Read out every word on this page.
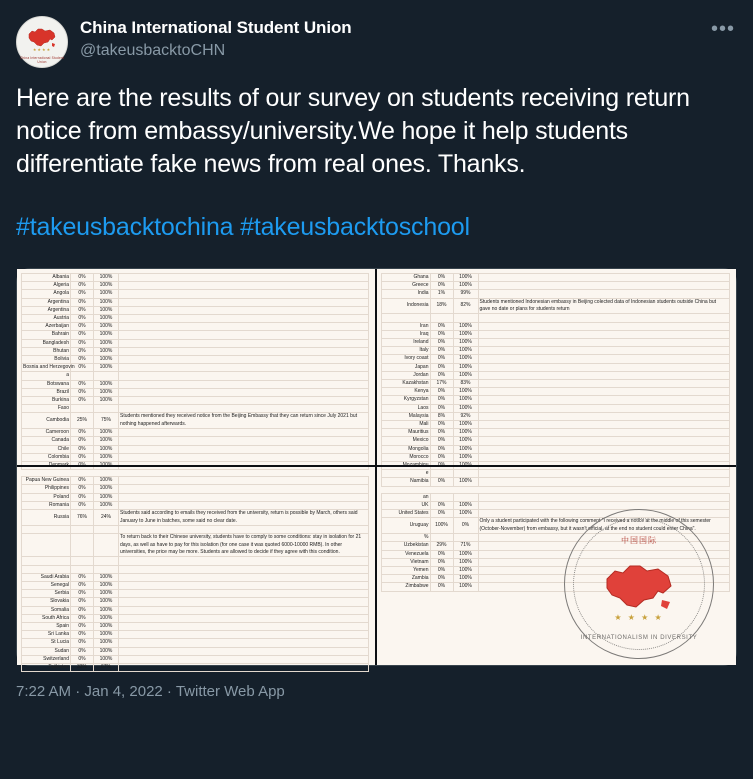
★★★★
China International Student Union
China International Student Union
@takeusbacktoCHN
•••
Here are the results of our survey on students receiving return notice from embassy/university.We hope it help students differentiate fake news from real ones. Thanks.
#takeusbacktochina #takeusbacktoschool
Albania	0%	100%	
Algeria	0%	100%	
Angola	0%	100%	
Argentina	0%	100%	
Argentina	0%	100%	
Austria	0%	100%	
Azerbaijan	0%	100%	
Bahrain	0%	100%	
Bangladesh	0%	100%	
Bhutan	0%	100%	
Bolivia	0%	100%	
Bosnia and Herzegovin	0%	100%	
a			
Botswana	0%	100%	
Brazil	0%	100%	
Burkina	0%	100%	
Faso			
Cambodia	25%	75%	Students mentioned they received notice from the Beijing Embassy that they can return since July 2021 but nothing happened afterwards.

Cameroon	0%	100%	
Canada	0%	100%	
Chile	0%	100%	
Colombia	0%	100%	

Papua New Guinea	0%	100%	
Philippines	0%	100%	
Poland	0%	100%	
Romania	0%	100%	
Russia	76%	24%	Students said according to emails they received from the university, return is possible by March, others said January to June in batches, some said no clear date.

			To return back to their Chinese university, students have to comply to some conditions: stay in isolation for 21 days, as well as have to pay for this isolation (for one case it was quoted 6000-10000 RMB). In other universities, the price may be more. Students are allowed to decide if they agree with this condition.

Saudi Arabia	0%	100%	
Senegal	0%	100%	
Serbia	0%	100%	
Slovakia	0%	100%	
Somalia	0%	100%	
South Africa	0%	100%	
Spain	0%	100%	
Sri Lanka	0%	100%	
St Lucia	0%	100%	
Sudan	0%	100%	
Switzerland	0%	100%	
Tajikistan	33%	67%	
Ghana	0%	100%	
Greece	0%	100%	
India	1%	99%	
Indonesia	18%	82%	Students mentioned Indonesian embassy in Beijing colected data of Indonesian students outside China but gave no date or plans for students return

Iran	0%	100%	
Iraq	0%	100%	
Ireland	0%	100%	
Italy	0%	100%	
Ivory coast	0%	100%	
Japan	0%	100%	
Jordan	0%	100%	
Kazakhstan	17%	83%	
Kenya	0%	100%	
Kyrgyzstan	0%	100%	
Laos	0%	100%	
Malaysia	8%	92%	
Mali	0%	100%	
Mauritius	0%	100%	
Mexico	0%	100%	
Mongolia	0%	100%	
Morocco	0%	100%	

e			
Namibia	0%	100%	
an			
UK	0%	100%	
United States	0%	100%	
Uruguay	100%	0%	Only a student participated with the following comment "I received a notice at the middle of this semester (October-November) from embassy, but it wasn't official, at the end no student could enter China".

%			
Uzbekistan	29%	71%	
Venezuela	0%	100%	
Vietnam	0%	100%	
Yemen	0%	100%	
Zambia	0%	100%	
Zimbabwe	0%	100%	
中国国际
★ ★ ★ ★
INTERNATIONALISM IN DIVERSITY
7:22 AM · Jan 4, 2022 · Twitter Web App
